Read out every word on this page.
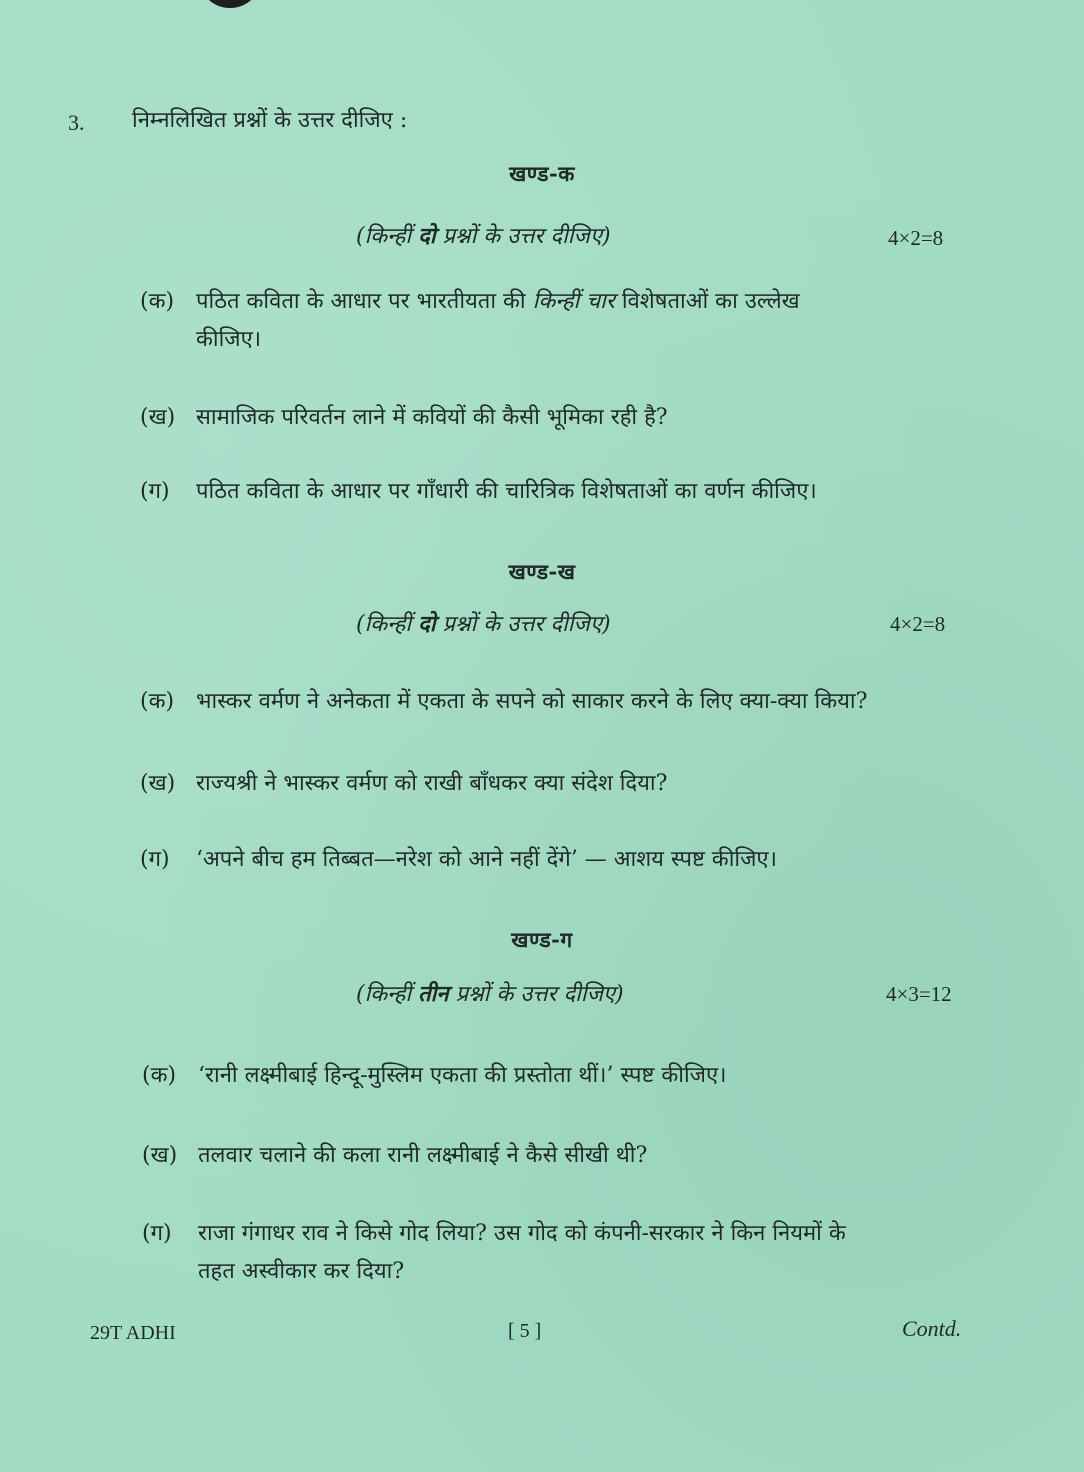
3. निम्नलिखित प्रश्नों के उत्तर दीजिए :
खण्ड-क
(किन्हीं दो प्रश्नों के उत्तर दीजिए)	4×2=8
(क) पठित कविता के आधार पर भारतीयता की किन्हीं चार विशेषताओं का उल्लेख
कीजिए।
(ख) सामाजिक परिवर्तन लाने में कवियों की कैसी भूमिका रही है?
(ग) पठित कविता के आधार पर गाँधारी की चारित्रिक विशेषताओं का वर्णन कीजिए।
खण्ड-ख
(किन्हीं दो प्रश्नों के उत्तर दीजिए)	4×2=8
(क) भास्कर वर्मण ने अनेकता में एकता के सपने को साकार करने के लिए क्या-क्या किया?
(ख) राज्यश्री ने भास्कर वर्मण को राखी बाँधकर क्या संदेश दिया?
(ग) ‘अपने बीच हम तिब्बत—नरेश को आने नहीं देंगे’ — आशय स्पष्ट कीजिए।
खण्ड-ग
(किन्हीं तीन प्रश्नों के उत्तर दीजिए)	4×3=12
(क) ‘रानी लक्ष्मीबाई हिन्दू-मुस्लिम एकता की प्रस्तोता थीं।’ स्पष्ट कीजिए।
(ख) तलवार चलाने की कला रानी लक्ष्मीबाई ने कैसे सीखी थी?
(ग) राजा गंगाधर राव ने किसे गोद लिया? उस गोद को कंपनी-सरकार ने किन नियमों के
तहत अस्वीकार कर दिया?
29T ADHI	[ 5 ]	Contd.
